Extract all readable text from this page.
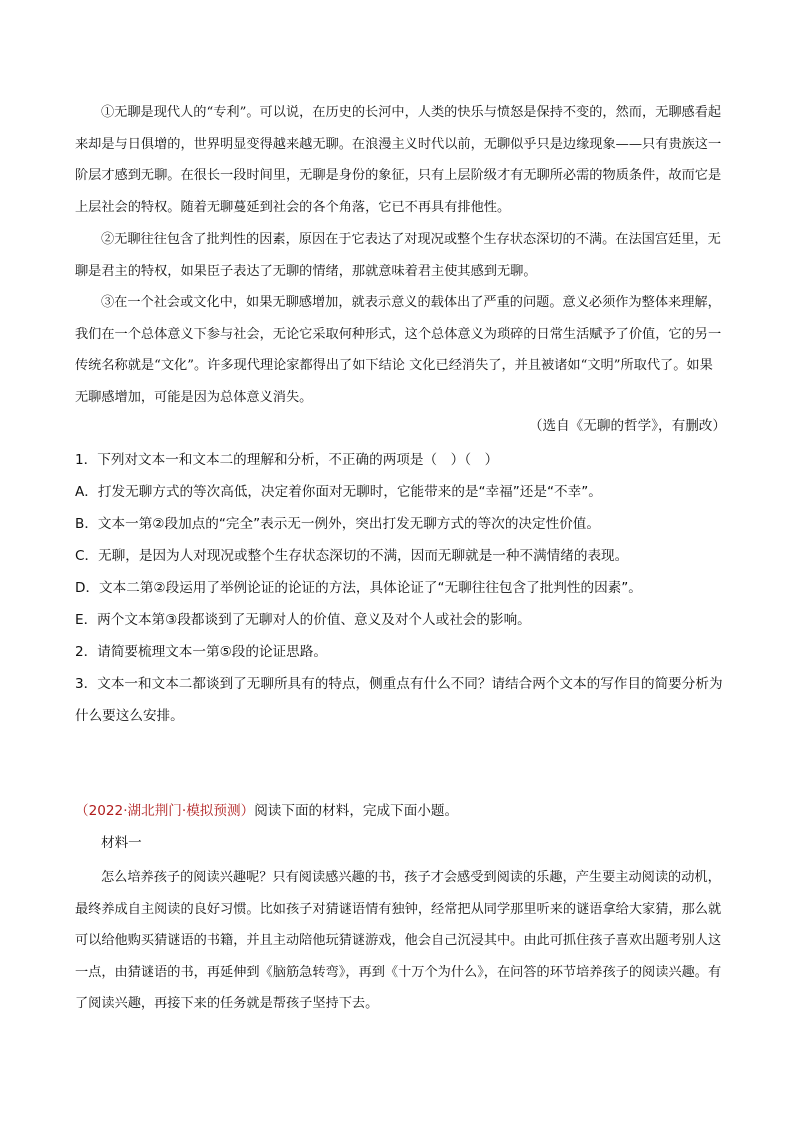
①无聊是现代人的“专利”。可以说，在历史的长河中，人类的快乐与愤怒是保持不变的，然而，无聊感看起来却是与日俱增的，世界明显变得越来越无聊。在浪漫主义时代以前，无聊似乎只是边缘现象——只有贵族这一阶层才感到无聊。在很长一段时间里，无聊是身份的象征，只有上层阶级才有无聊所必需的物质条件，故而它是上层社会的特权。随着无聊蔓延到社会的各个角落，它已不再具有排他性。

②无聊往往包含了批判性的因素，原因在于它表达了对现况或整个生存状态深切的不满。在法国宫廷里，无聊是君主的特权，如果臣子表达了无聊的情绪，那就意味着君主使其感到无聊。

③在一个社会或文化中，如果无聊感增加，就表示意义的载体出了严重的问题。意义必须作为整体来理解，我们在一个总体意义下参与社会，无论它采取何种形式，这个总体意义为琐碎的日常生活赋予了价值，它的另一传统名称就是“文化”。许多现代理论家都得出了如下结论 文化已经消失了，并且被诸如“文明”所取代了。如果无聊感增加，可能是因为总体意义消失。

（选自《无聊的哲学》，有删改）

1．下列对文本一和文本二的理解和分析，不正确的两项是（　）（　）

A．打发无聊方式的等次高低，决定着你面对无聊时，它能带来的是“幸福”还是“不幸”。

B．文本一第②段加点的“完全”表示无一例外，突出打发无聊方式的等次的决定性价值。

C．无聊，是因为人对现况或整个生存状态深切的不满，因而无聊就是一种不满情绪的表现。

D．文本二第②段运用了举例论证的论证的方法，具体论证了“无聊往往包含了批判性的因素”。

E．两个文本第③段都谈到了无聊对人的价值、意义及对个人或社会的影响。

2．请简要梳理文本一第⑤段的论证思路。

3．文本一和文本二都谈到了无聊所具有的特点，侧重点有什么不同？请结合两个文本的写作目的简要分析为什么要这么安排。

（2022·湖北荆门·模拟预测）阅读下面的材料，完成下面小题。

材料一

怎么培养孩子的阅读兴趣呢？只有阅读感兴趣的书，孩子才会感受到阅读的乐趣，产生要主动阅读的动机，最终养成自主阅读的良好习惯。比如孩子对猜谜语情有独钟，经常把从同学那里听来的谜语拿给大家猜，那么就可以给他购买猜谜语的书籍，并且主动陪他玩猜谜游戏，他会自己沉浸其中。由此可抓住孩子喜欢出题考别人这一点，由猜谜语的书，再延伸到《脑筋急转弯》，再到《十万个为什么》，在问答的环节培养孩子的阅读兴趣。有了阅读兴趣，再接下来的任务就是帮孩子坚持下去。
